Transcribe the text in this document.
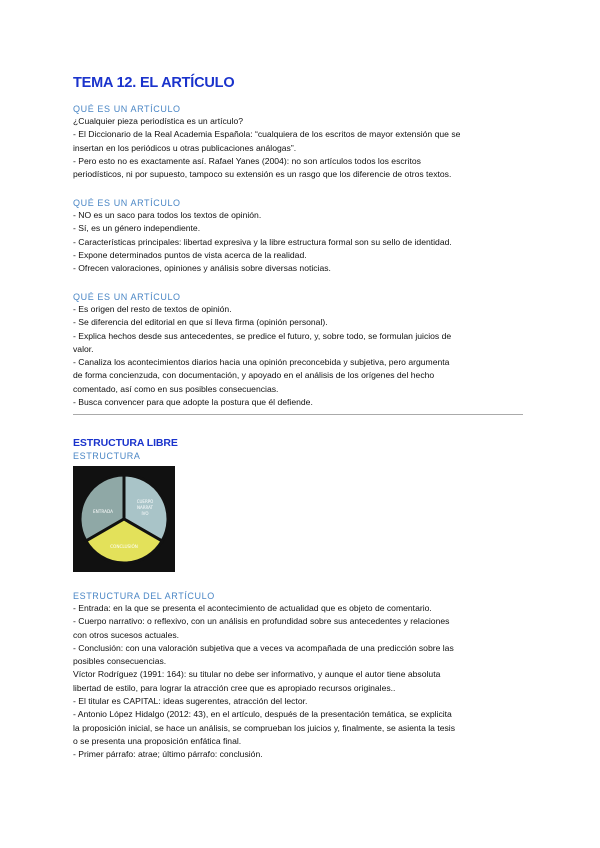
TEMA 12. EL ARTÍCULO
QUÉ ES UN ARTÍCULO
¿Cualquier pieza periodística es un artículo?
- El Diccionario de la Real Academia Española: “cualquiera de los escritos de mayor extensión que se
insertan en los periódicos u otras publicaciones análogas”.
- Pero esto no es exactamente así. Rafael Yanes (2004): no son artículos todos los escritos
periodísticos, ni por supuesto, tampoco su extensión es un rasgo que los diferencie de otros textos.
QUÉ ES UN ARTÍCULO
- NO es un saco para todos los textos de opinión.
- Sí, es un género independiente.
- Características principales: libertad expresiva y la libre estructura formal son su sello de identidad.
- Expone determinados puntos de vista acerca de la realidad.
- Ofrecen valoraciones, opiniones y análisis sobre diversas noticias.
QUÉ ES UN ARTÍCULO
- Es origen del resto de textos de opinión.
- Se diferencia del editorial en que sí lleva firma (opinión personal).
- Explica hechos desde sus antecedentes, se predice el futuro, y, sobre todo, se formulan juicios de
valor.
- Canaliza los acontecimientos diarios hacia una opinión preconcebida y subjetiva, pero argumenta
de forma concienzuda, con documentación, y apoyado en el análisis de los orígenes del hecho
comentado, así como en sus posibles consecuencias.
- Busca convencer para que adopte la postura que él defiende.
ESTRUCTURA LIBRE
ESTRUCTURA
ENTRADA
CUERPO
NARRAT
IVO
CONCLUSIÓN
ESTRUCTURA DEL ARTÍCULO
- Entrada: en la que se presenta el acontecimiento de actualidad que es objeto de comentario.
- Cuerpo narrativo: o reflexivo, con un análisis en profundidad sobre sus antecedentes y relaciones
con otros sucesos actuales.
- Conclusión: con una valoración subjetiva que a veces va acompañada de una predicción sobre las
posibles consecuencias.
Víctor Rodríguez (1991: 164): su titular no debe ser informativo, y aunque el autor tiene absoluta
libertad de estilo, para lograr la atracción cree que es apropiado recursos originales..
- El titular es CAPITAL: ideas sugerentes, atracción del lector.
- Antonio López Hidalgo (2012: 43), en el artículo, después de la presentación temática, se explicita
la proposición inicial, se hace un análisis, se comprueban los juicios y, finalmente, se asienta la tesis
o se presenta una proposición enfática final.
- Primer párrafo: atrae; último párrafo: conclusión.
